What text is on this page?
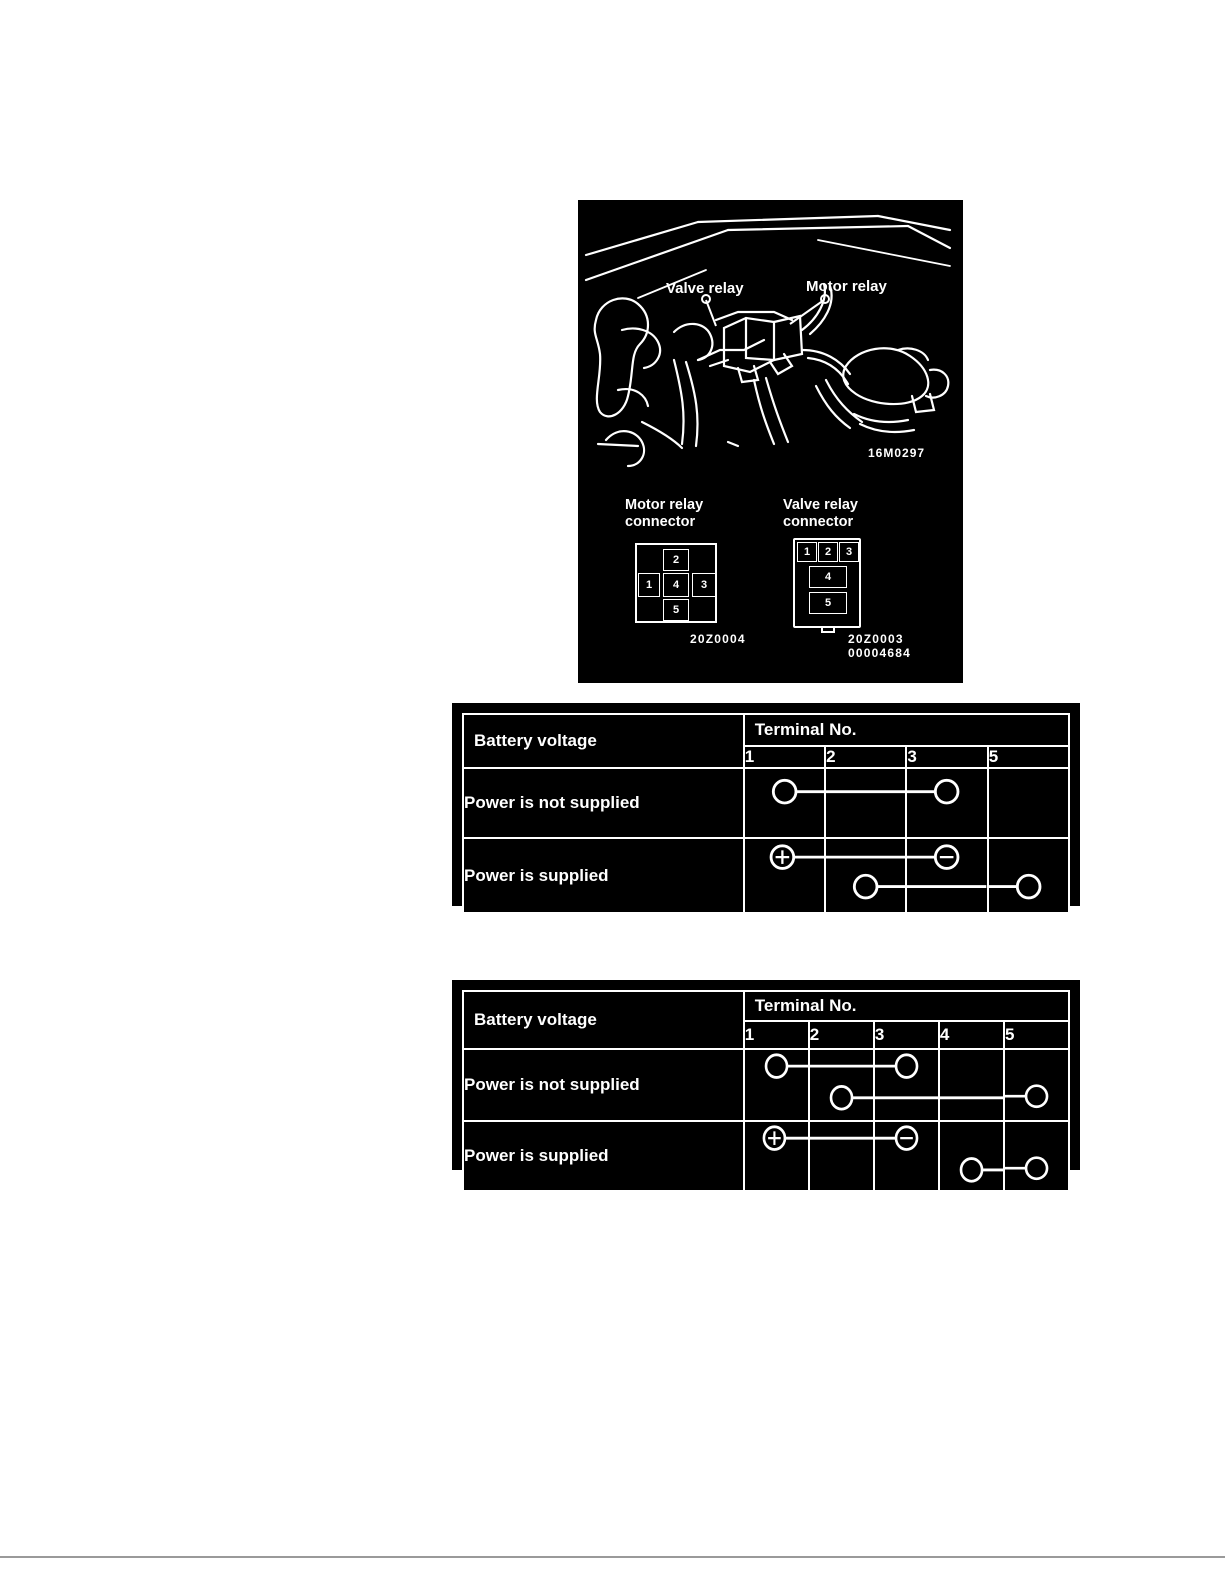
Valve relay	Motor relay
16M0297
Motor relay
connector
Valve relay
connector
2
1	4	3
5
1	2	3
4
5
20Z0004	20Z0003
00004684
Battery voltage	Terminal No.			

	1	2	3	5
Power is not supplied				
Power is supplied				
Battery voltage	Terminal No.				

	1	2	3	4	5
Power is not supplied					
Power is supplied					
